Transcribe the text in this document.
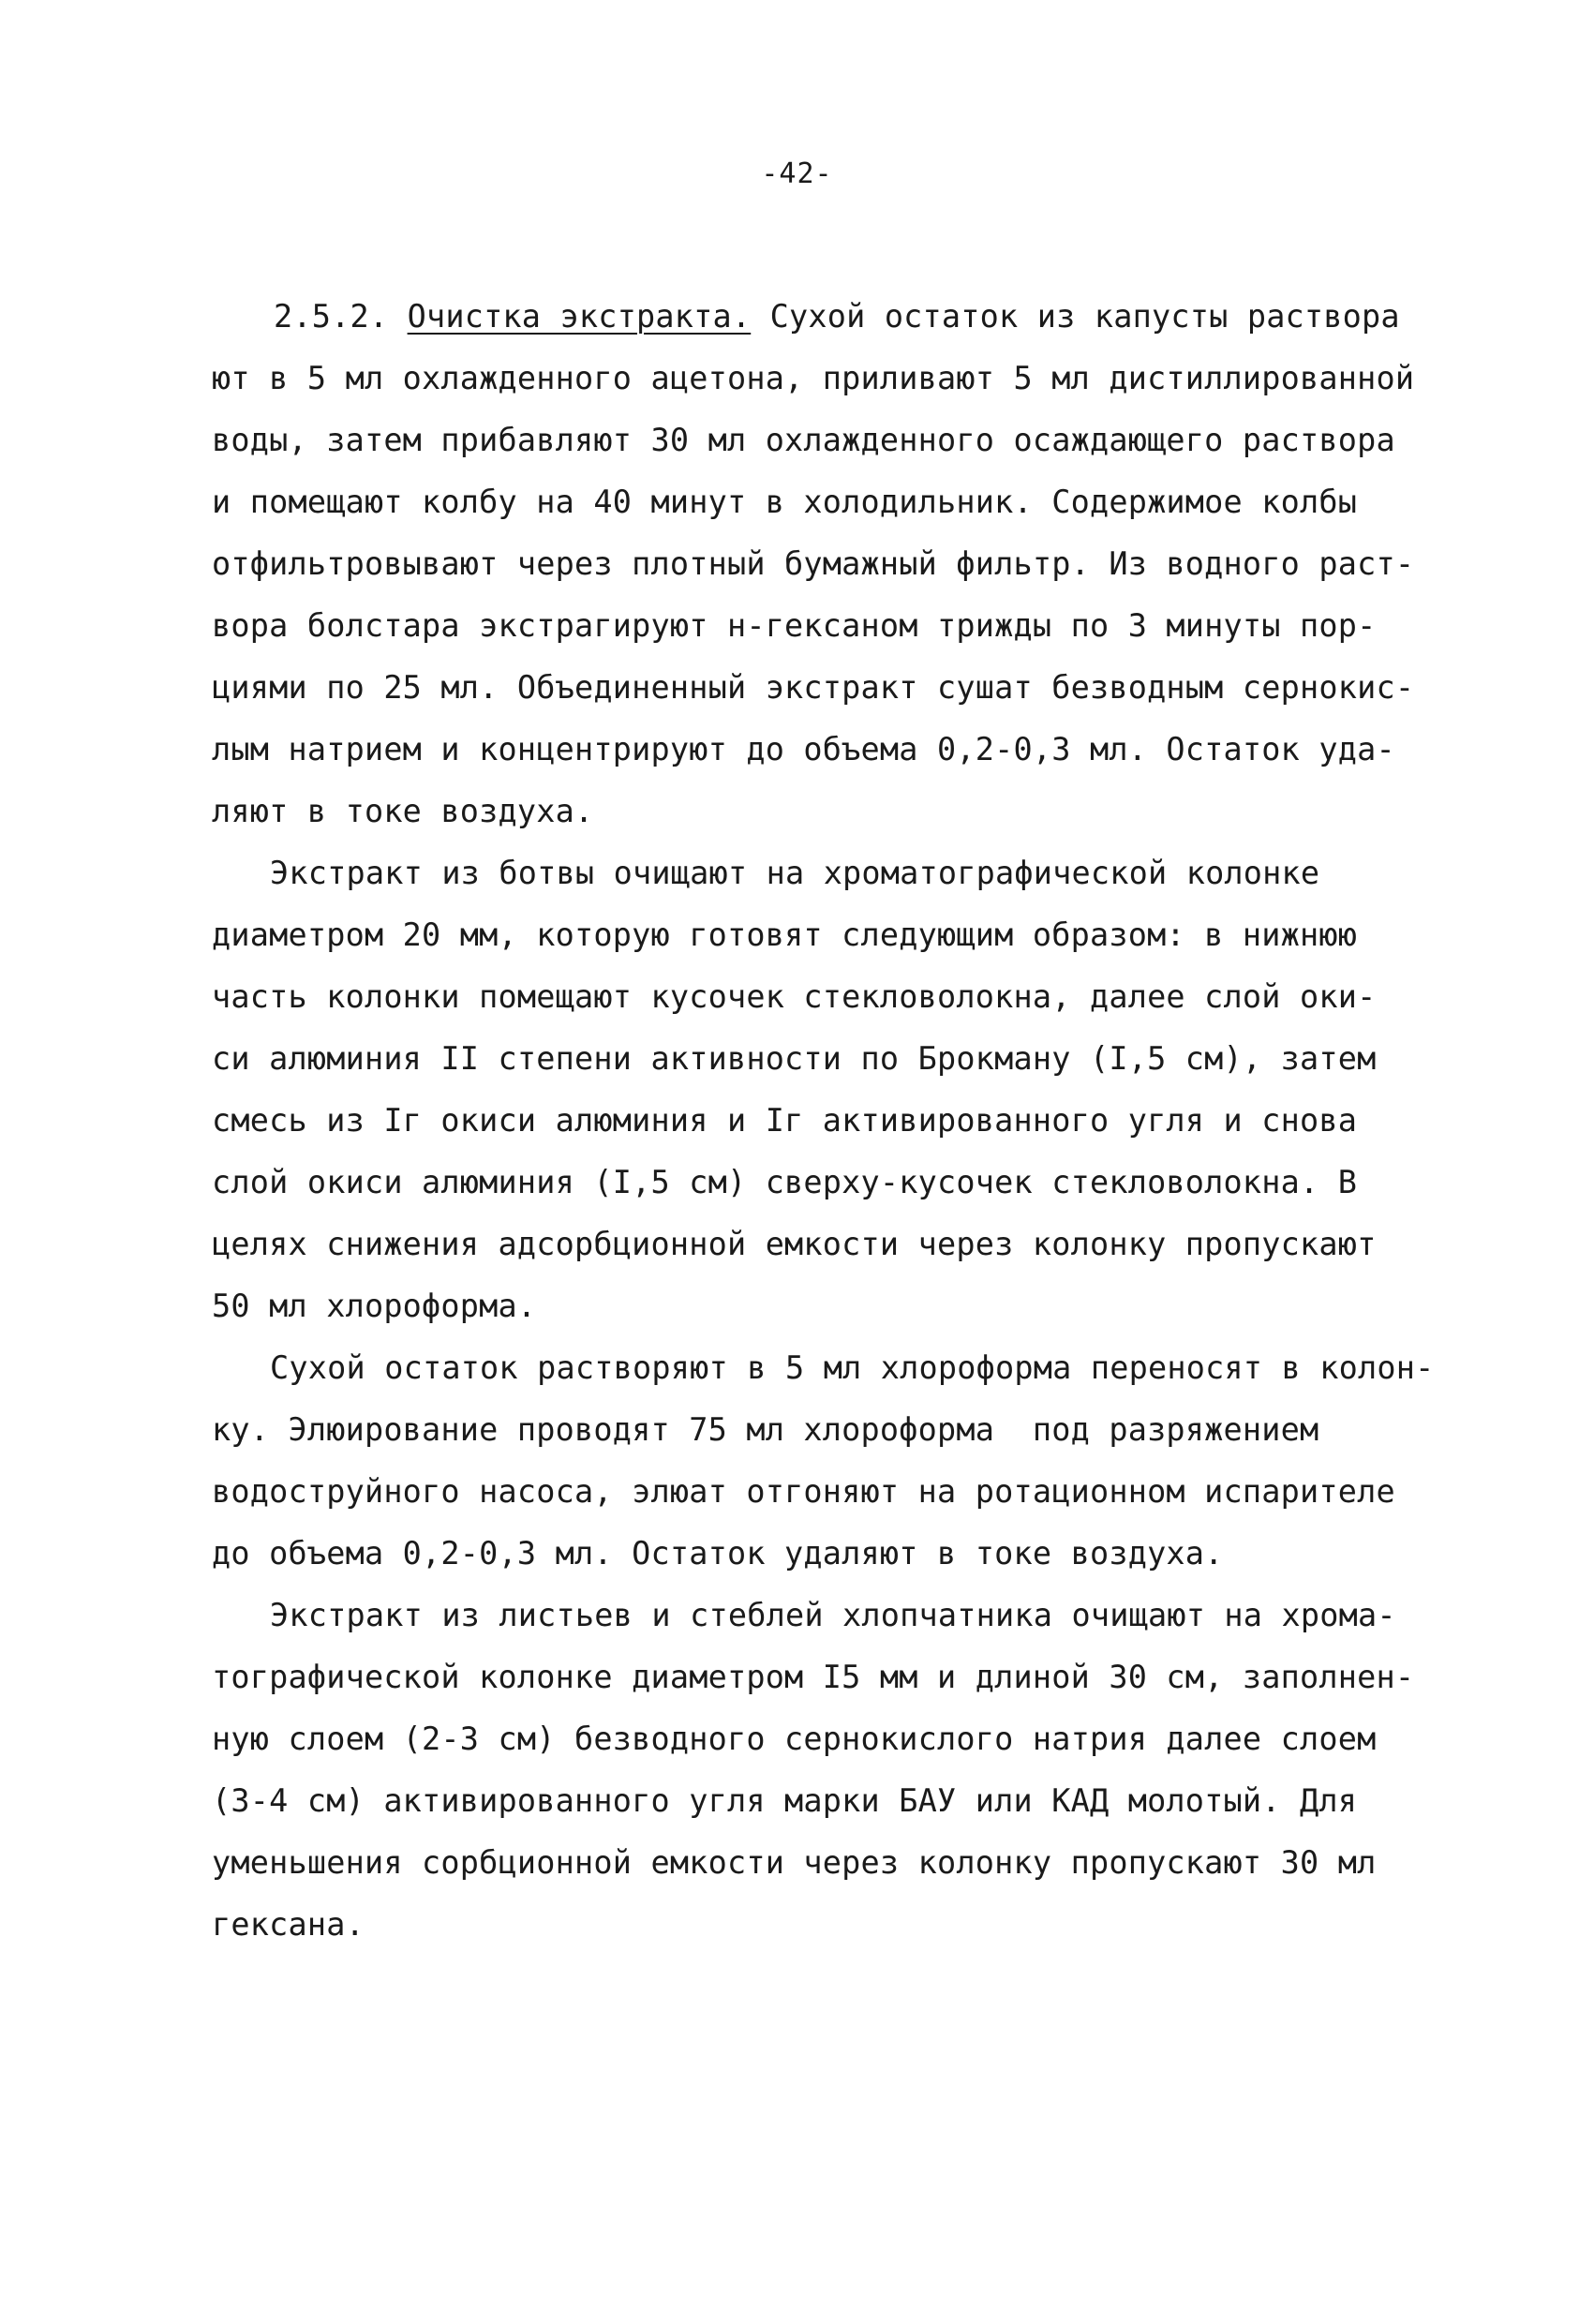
-42-
2.5.2. Очистка экстракта. Сухой остаток из капусты раствора
ют в 5 мл охлажденного ацетона, приливают 5 мл дистиллированной
воды, затем прибавляют 30 мл охлажденного осаждающего раствора
и помещают колбу на 40 минут в холодильник. Содержимое колбы
отфильтровывают через плотный бумажный фильтр. Из водного раст-
вора болстара экстрагируют н-гексаном трижды по 3 минуты пор-
циями по 25 мл. Объединенный экстракт сушат безводным сернокис-
лым натрием и концентрируют до объема 0,2-0,3 мл. Остаток уда-
ляют в токе воздуха.
Экстракт из ботвы очищают на хроматографической колонке
диаметром 20 мм, которую готовят следующим образом: в нижнюю
часть колонки помещают кусочек стекловолокна, далее слой оки-
си алюминия II степени активности по Брокману (I,5 см), затем
смесь из Iг окиси алюминия и Iг активированного угля и снова
слой окиси алюминия (I,5 см) сверху-кусочек стекловолокна. В
целях снижения адсорбционной емкости через колонку пропускают
50 мл хлороформа.
Сухой остаток растворяют в 5 мл хлороформа переносят в колон-
ку. Элюирование проводят 75 мл хлороформа  под разряжением
водоструйного насоса, элюат отгоняют на ротационном испарителе
до объема 0,2-0,3 мл. Остаток удаляют в токе воздуха.
Экстракт из листьев и стеблей хлопчатника очищают на хрома-
тографической колонке диаметром I5 мм и длиной 30 см, заполнен-
ную слоем (2-3 см) безводного сернокислого натрия далее слоем
(3-4 см) активированного угля марки БАУ или КАД молотый. Для
уменьшения сорбционной емкости через колонку пропускают 30 мл
гексана.
